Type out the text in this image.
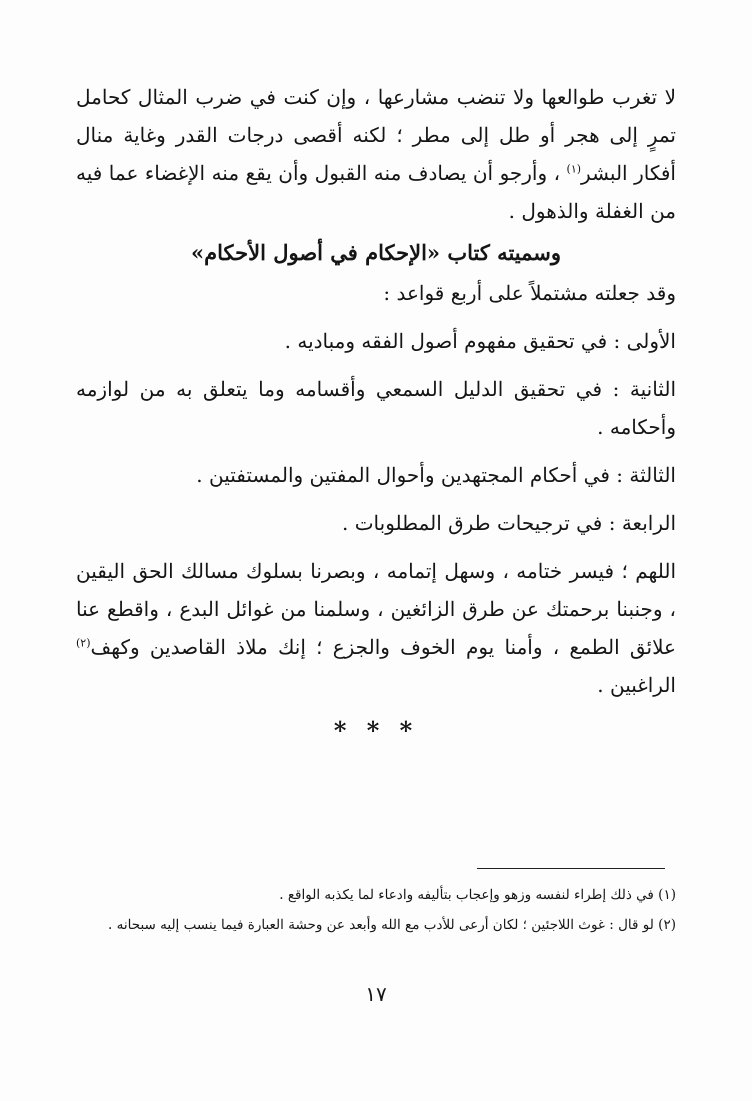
لا تغرب طوالعها ولا تنضب مشارعها ، وإن كنت في ضرب المثال كحامل تمرٍ إلى هجر أو طل إلى مطر ؛ لكنه أقصى درجات القدر وغاية منال أفكار البشر$^{(١)}$ ، وأرجو أن يصادف منه القبول وأن يقع منه الإغضاء عما فيه من الغفلة والذهول .

وسميته كتاب «الإحكام في أصول الأحكام»

وقد جعلته مشتملاً على أربع قواعد :

الأولى : في تحقيق مفهوم أصول الفقه ومباديه .

الثانية : في تحقيق الدليل السمعي وأقسامه وما يتعلق به من لوازمه وأحكامه .

الثالثة : في أحكام المجتهدين وأحوال المفتين والمستفتين .

الرابعة : في ترجيحات طرق المطلوبات .

اللهم ؛ فيسر ختامه ، وسهل إتمامه ، وبصرنا بسلوك مسالك الحق اليقين ، وجنبنا برحمتك عن طرق الزائغين ، وسلمنا من غوائل البدع ، واقطع عنا علائق الطمع ، وأمنا يوم الخوف والجزع ؛ إنك ملاذ القاصدين وكهف$^{(٢)}$ الراغبين .

* * *

(١) في ذلك إطراء لنفسه وزهو وإعجاب بتأليفه وادعاء لما يكذبه الواقع .

(٢) لو قال : غوث اللاجئين ؛ لكان أرعى للأدب مع الله وأبعد عن وحشة العبارة فيما ينسب إليه سبحانه .

١٧
